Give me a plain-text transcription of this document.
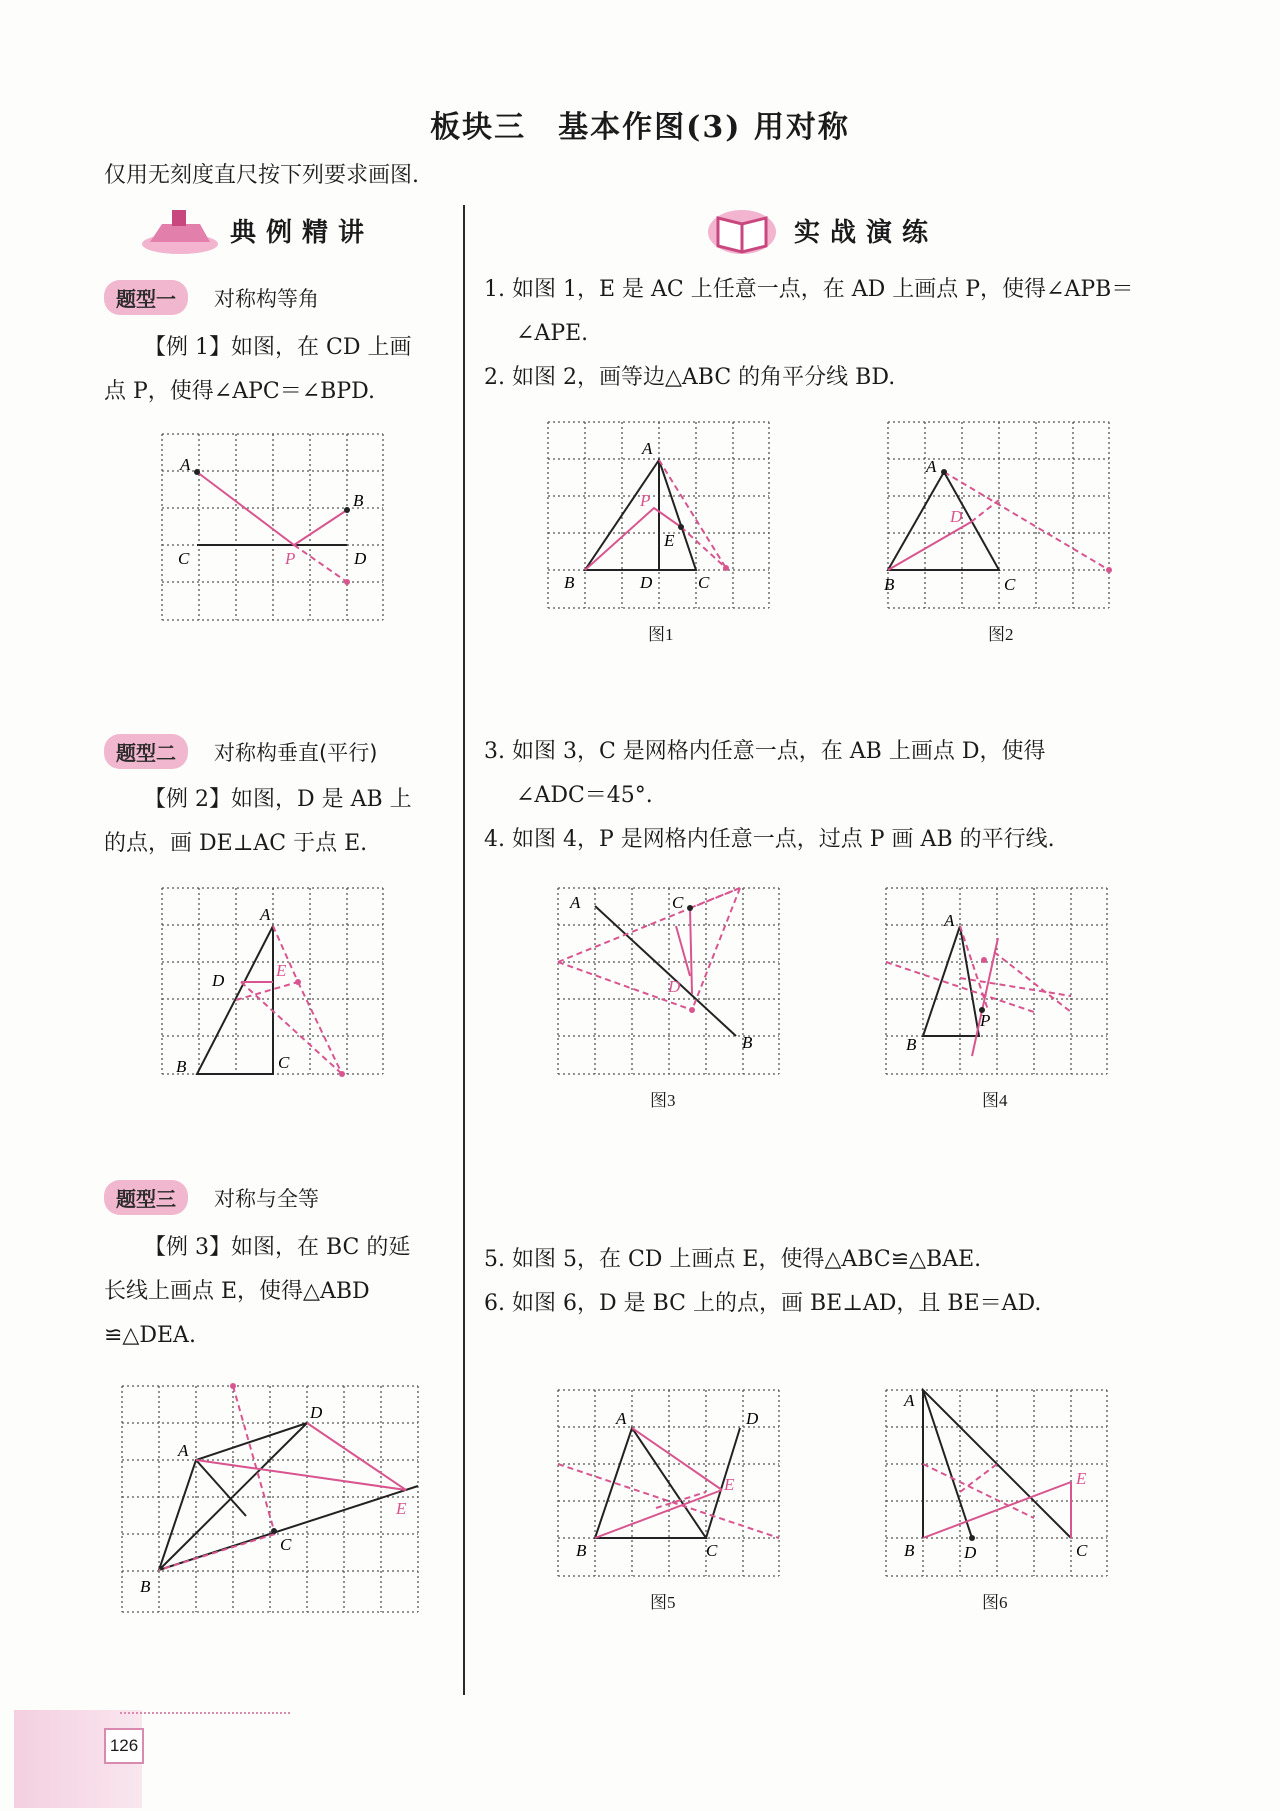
板块三　基本作图(3) 用对称
仅用无刻度直尺按下列要求画图.
典例精讲	实战演练
题型一	对称构等角
【例 1】如图，在 CD 上画
点 P，使得∠APC＝∠BPD.
A
B
C	D
P
题型二	对称构垂直(平行)
【例 2】如图，D 是 AB 上
的点，画 DE⊥AC 于点 E.
A
D
E
B	C
题型三	对称与全等
【例 3】如图，在 BC 的延
长线上画点 E，使得△ABD
≌△DEA.
A
D
C
B
E
1. 如图 1，E 是 AC 上任意一点，在 AD 上画点 P，使得∠APB＝
∠APE.
2. 如图 2，画等边△ABC 的角平分线 BD.
A
B	D	C
E
P
图1
A
B	C
D
图2
3. 如图 3，C 是网格内任意一点，在 AB 上画点 D，使得
∠ADC＝45°.
4. 如图 4，P 是网格内任意一点，过点 P 画 AB 的平行线.
A	C
D
B
图3
A
B
P
图4
5. 如图 5，在 CD 上画点 E，使得△ABC≌△BAE.
6. 如图 6，D 是 BC 上的点，画 BE⊥AD，且 BE＝AD.
A	D
B	C
E
图5
A
B	D	C
E
图6
126
